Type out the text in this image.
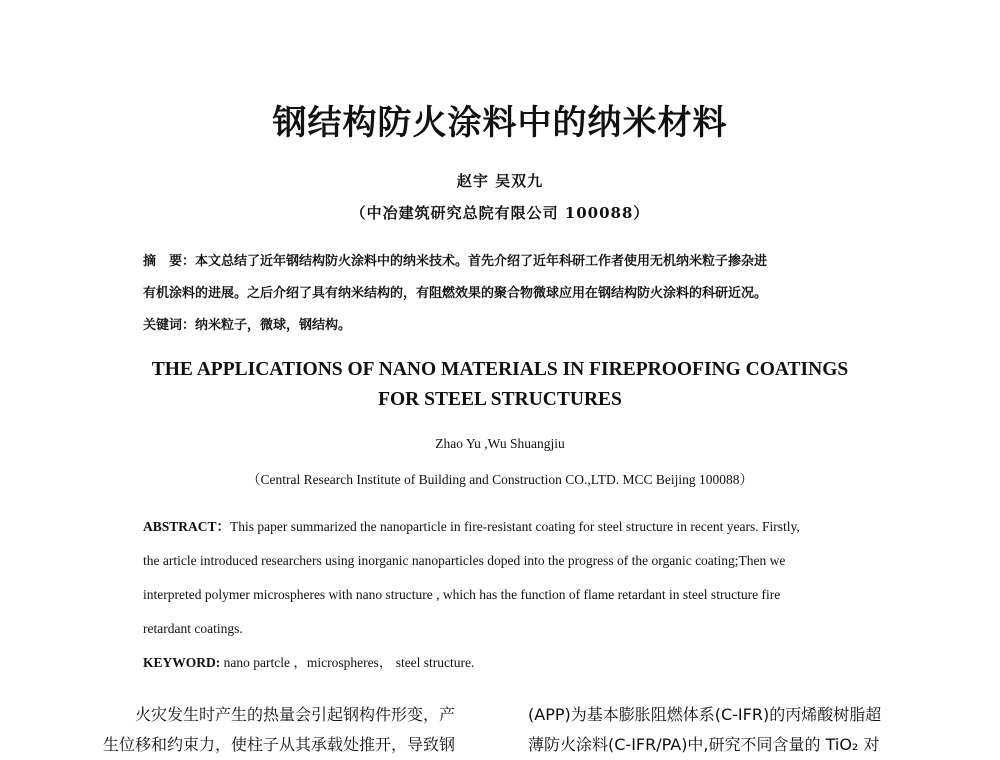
钢结构防火涂料中的纳米材料
赵宇 吴双九
（中冶建筑研究总院有限公司 100088）

摘　要：本文总结了近年钢结构防火涂料中的纳米技术。首先介绍了近年科研工作者使用无机纳米粒子掺杂进

有机涂料的进展。之后介绍了具有纳米结构的，有阻燃效果的聚合物微球应用在钢结构防火涂料的科研近况。

关键词：纳米粒子，微球，钢结构。

THE APPLICATIONS OF NANO MATERIALS IN FIREPROOFING COATINGS
FOR STEEL STRUCTURES
Zhao Yu ,Wu Shuangjiu
（Central Research Institute of Building and Construction CO.,LTD. MCC Beijing 100088）

ABSTRACT：This paper summarized the nanoparticle in fire-resistant coating for steel structure in recent years. Firstly,

the article introduced researchers using inorganic nanoparticles doped into the progress of the organic coating;Then we

interpreted polymer microspheres with nano structure , which has the function of flame retardant in steel structure fire

retardant coatings.

KEYWORD: nano partcle ，microspheres， steel structure.

火灾发生时产生的热量会引起钢构件形变，产

生位移和约束力，使柱子从其承载处推开，导致钢

(APP)为基本膨胀阻燃体系(C-IFR)的丙烯酸树脂超

薄防火涂料(C-IFR/PA)中,研究不同含量的 TiO₂ 对
